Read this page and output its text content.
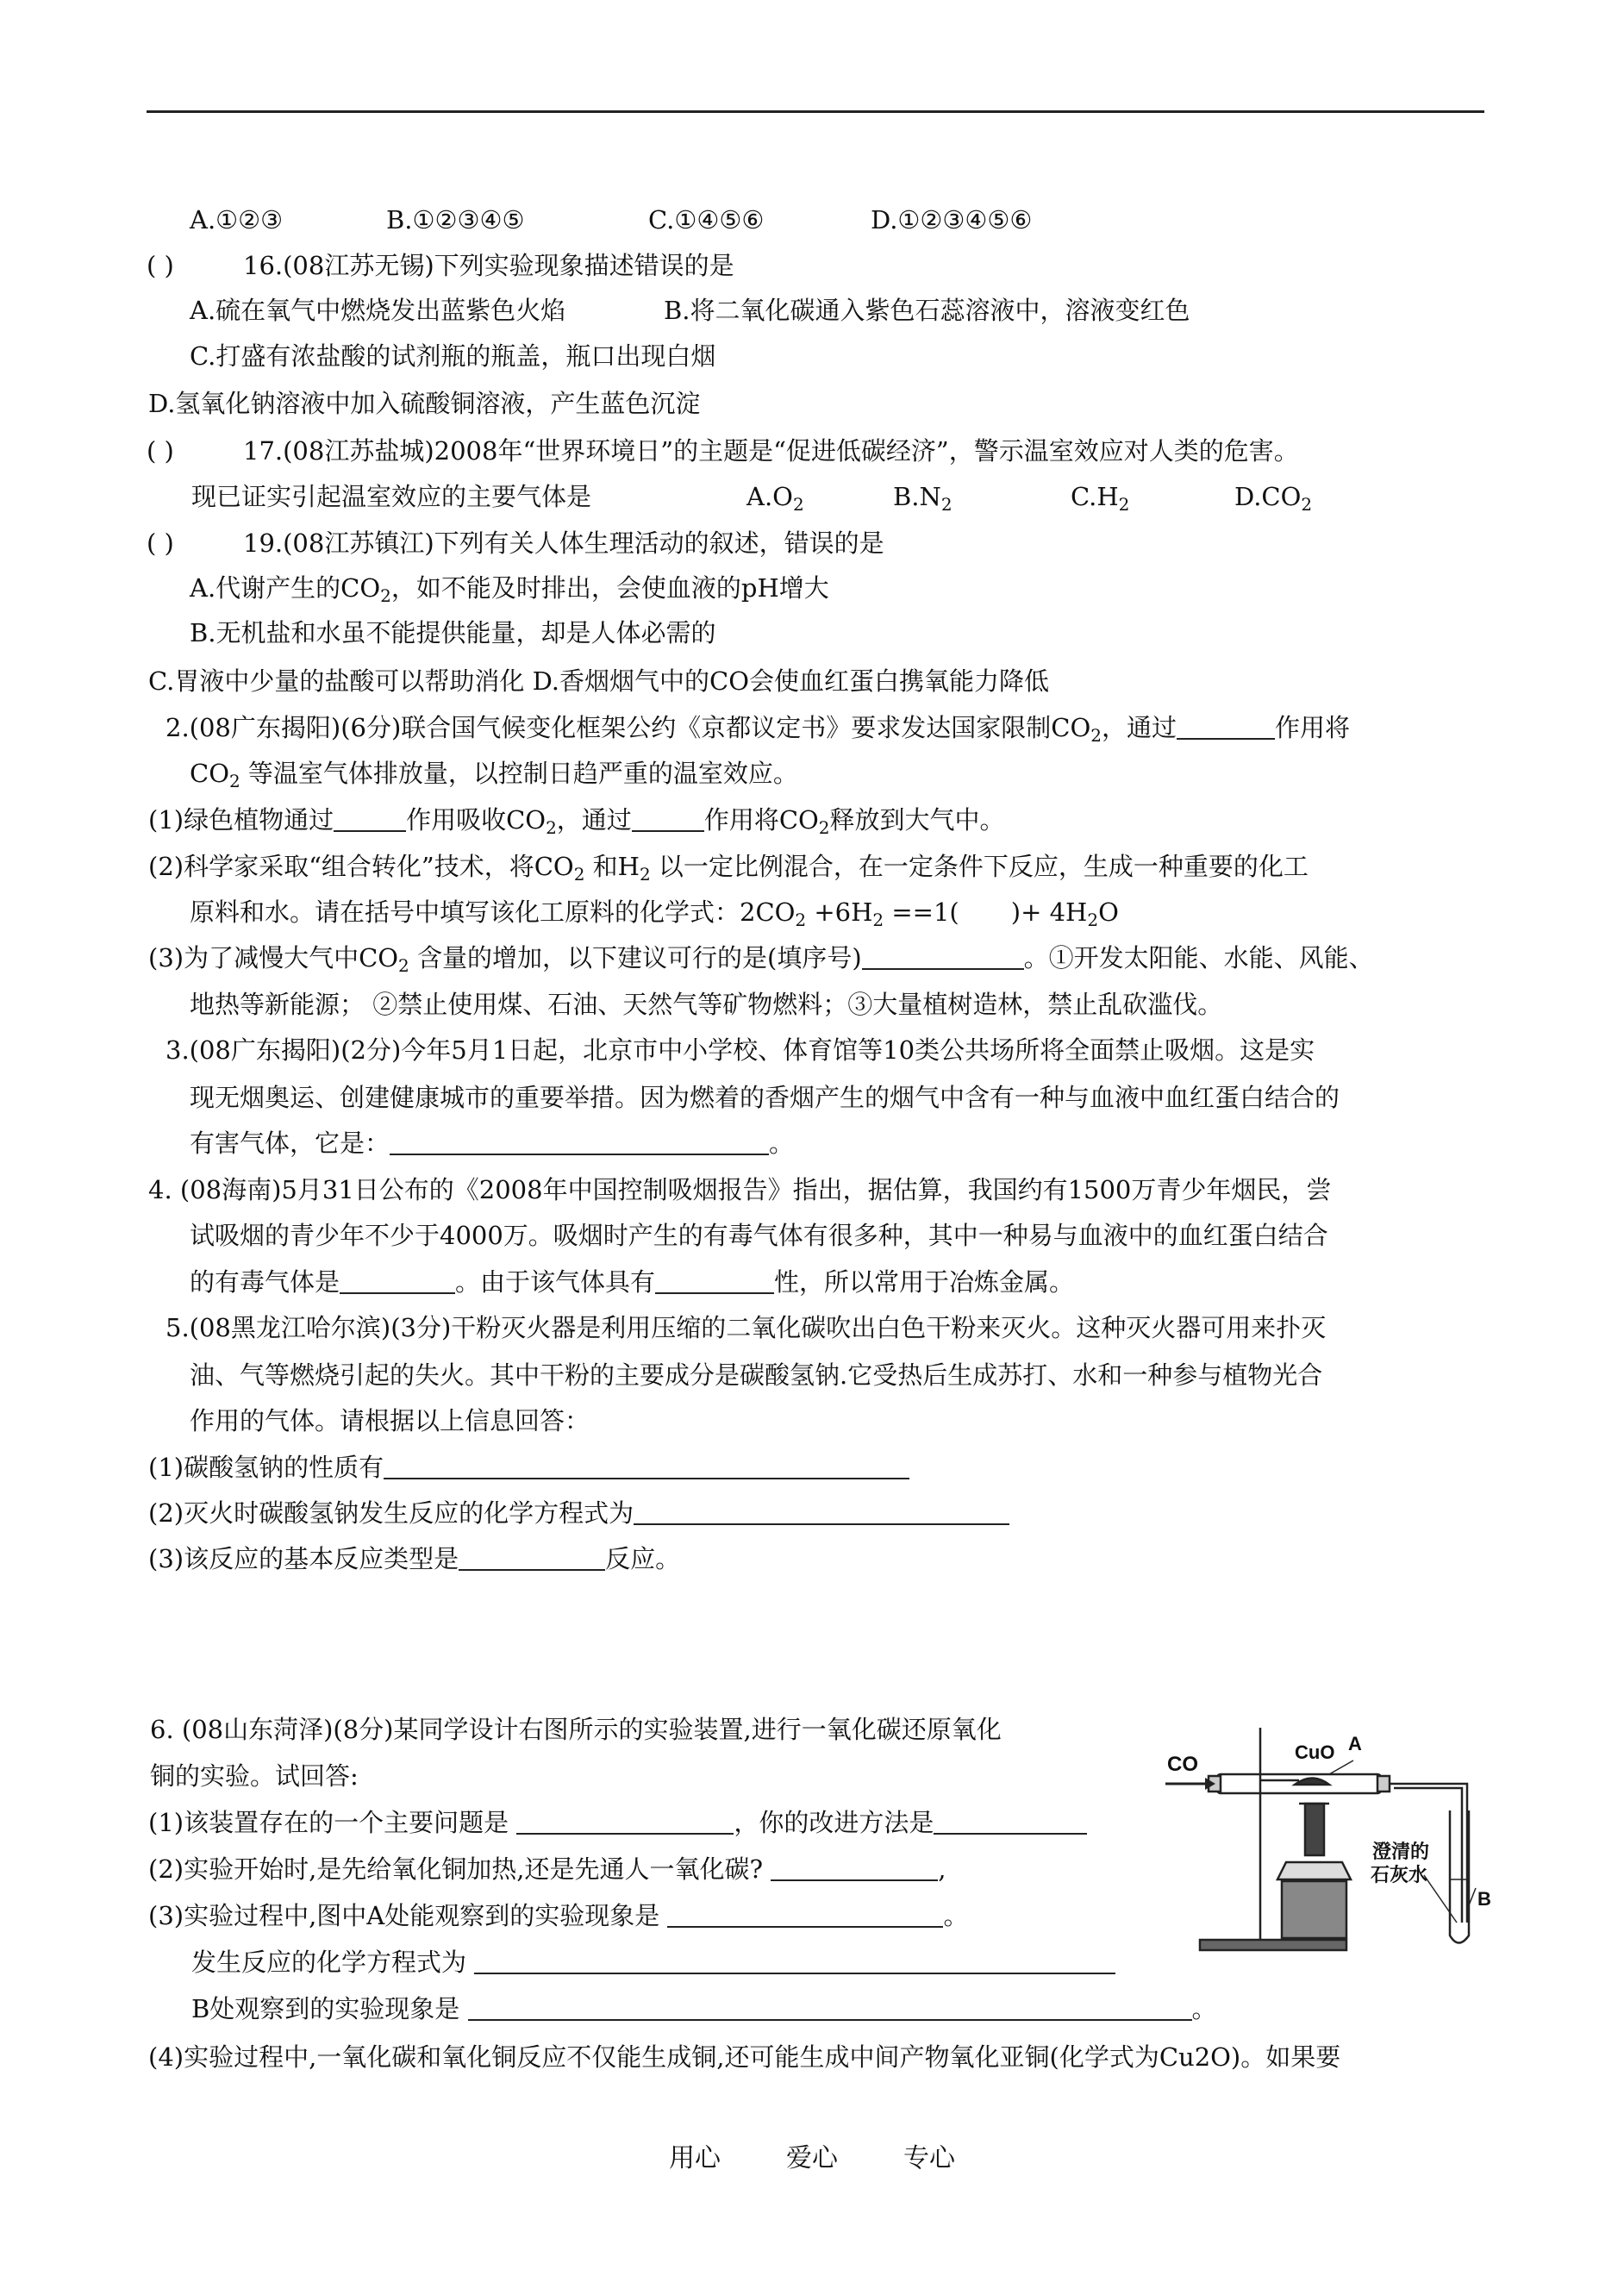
A.①②③	B.①②③④⑤	C.①④⑤⑥	D.①②③④⑤⑥
( )	16.(08江苏无锡)下列实验现象描述错误的是
A.硫在氧气中燃烧发出蓝紫色火焰	B.将二氧化碳通入紫色石蕊溶液中，溶液变红色
C.打盛有浓盐酸的试剂瓶的瓶盖，瓶口出现白烟
D.氢氧化钠溶液中加入硫酸铜溶液，产生蓝色沉淀
( )	17.(08江苏盐城)2008年“世界环境日”的主题是“促进低碳经济”，警示温室效应对人类的危害。
现已证实引起温室效应的主要气体是	$A.O_2$	$B.N_2$	$C.H_2$	$D.CO_2$
( )	19.(08江苏镇江)下列有关人体生理活动的叙述，错误的是
A.代谢产生的$CO_2$，如不能及时排出，会使血液的pH增大
B.无机盐和水虽不能提供能量，却是人体必需的
C.胃液中少量的盐酸可以帮助消化 D.香烟烟气中的CO会使血红蛋白携氧能力降低
2.(08广东揭阳)(6分)联合国气候变化框架公约《京都议定书》要求发达国家限制$CO_2$，通过	作用将
$CO_2$ 等温室气体排放量，以控制日趋严重的温室效应。
(1)绿色植物通过	作用吸收$CO_2$，通过	作用将$CO_2$释放到大气中。
(2)科学家采取“组合转化”技术，将$CO_2$ 和$H_2$ 以一定比例混合，在一定条件下反应，生成一种重要的化工
原料和水。请在括号中填写该化工原料的化学式：$2CO_2 +6H_2 ==1$( )+ $4H_2O$
(3)为了减慢大气中$CO_2$ 含量的增加，以下建议可行的是(填序号)	。①开发太阳能、水能、风能、
地热等新能源； ②禁止使用煤、石油、天然气等矿物燃料；③大量植树造林，禁止乱砍滥伐。
3.(08广东揭阳)(2分)今年5月1日起，北京市中小学校、体育馆等10类公共场所将全面禁止吸烟。这是实
现无烟奥运、创建健康城市的重要举措。因为燃着的香烟产生的烟气中含有一种与血液中血红蛋白结合的
有害气体，它是：	。
4. (08海南)5月31日公布的《2008年中国控制吸烟报告》指出，据估算，我国约有1500万青少年烟民，尝
试吸烟的青少年不少于4000万。吸烟时产生的有毒气体有很多种，其中一种易与血液中的血红蛋白结合
的有毒气体是	。由于该气体具有	性，所以常用于冶炼金属。
5.(08黑龙江哈尔滨)(3分)干粉灭火器是利用压缩的二氧化碳吹出白色干粉来灭火。这种灭火器可用来扑灭
油、气等燃烧引起的失火。其中干粉的主要成分是碳酸氢钠.它受热后生成苏打、水和一种参与植物光合
作用的气体。请根据以上信息回答：
(1)碳酸氢钠的性质有
(2)灭火时碳酸氢钠发生反应的化学方程式为
(3)该反应的基本反应类型是	反应。
6. (08山东菏泽)(8分)某同学设计右图所示的实验装置,进行一氧化碳还原氧化
铜的实验。试回答:
(1)该装置存在的一个主要问题是	，你的改进方法是
(2)实验开始时,是先给氧化铜加热,还是先通人一氧化碳?	,
(3)实验过程中,图中A处能观察到的实验现象是	。
发生反应的化学方程式为
B处观察到的实验现象是	。
(4)实验过程中,一氧化碳和氧化铜反应不仅能生成铜,还可能生成中间产物氧化亚铜(化学式为Cu2O)。如果要
CO
CuO A
B
澄清的
石灰水
用心	爱心	专心
